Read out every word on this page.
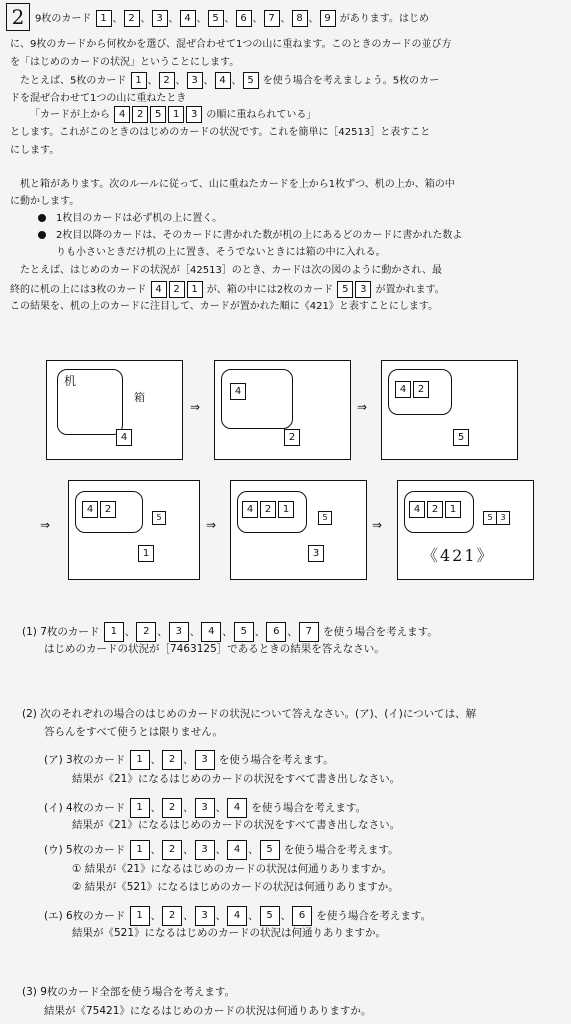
2	9枚のカード 1 、 2 、 3 、 4 、 5 、 6 、 7 、 8 、 9 があります。はじめ
に、9枚のカードから何枚かを選び、混ぜ合わせて1つの山に重ねます。このときのカードの並び方
を「はじめのカードの状況」ということにします。
たとえば、5枚のカード 1 、 2 、 3 、 4 、 5 を使う場合を考えましょう。5枚のカー
ドを混ぜ合わせて1つの山に重ねたとき
「カードが上から 4 2 5 1 3 の順に重ねられている」
とします。これがこのときのはじめのカードの状況です。これを簡単に［42513］と表すこと
にします。
机と箱があります。次のルールに従って、山に重ねたカードを上から1枚ずつ、机の上か、箱の中
に動かします。
1枚目のカードは必ず机の上に置く。
2枚目以降のカードは、そのカードに書かれた数が机の上にあるどのカードに書かれた数よ
りも小さいときだけ机の上に置き、そうでないときには箱の中に入れる。
たとえば、はじめのカードの状況が［42513］のとき、カードは次の図のように動かされ、最
終的に机の上には3枚のカード 4 2 1 が、箱の中には2枚のカード 5 3 が置かれます。
この結果を、机の上のカードに注目して、カードが置かれた順に《421》と表すことにします。
机
箱
4
⇒
4
2
⇒
4	2
5
4	2
5
1
⇒	⇒
4	2	1
5
3
⇒
4	2	1
5 3
《421》
(1) 7枚のカード 1 、 2 、 3 、 4 、 5 、 6 、 7 を使う場合を考えます。
はじめのカードの状況が［7463125］であるときの結果を答えなさい。
(2) 次のそれぞれの場合のはじめのカードの状況について答えなさい。(ア)、(イ)については、解
答らんをすべて使うとは限りません。
(ア) 3枚のカード 1 、 2 、 3 を使う場合を考えます。
結果が《21》になるはじめのカードの状況をすべて書き出しなさい。
(イ) 4枚のカード 1 、 2 、 3 、 4 を使う場合を考えます。
結果が《21》になるはじめのカードの状況をすべて書き出しなさい。
(ウ) 5枚のカード 1 、 2 、 3 、 4 、 5 を使う場合を考えます。
① 結果が《21》になるはじめのカードの状況は何通りありますか。
② 結果が《521》になるはじめのカードの状況は何通りありますか。
(エ) 6枚のカード 1 、 2 、 3 、 4 、 5 、 6 を使う場合を考えます。
結果が《521》になるはじめのカードの状況は何通りありますか。
(3) 9枚のカード全部を使う場合を考えます。
結果が《75421》になるはじめのカードの状況は何通りありますか。
